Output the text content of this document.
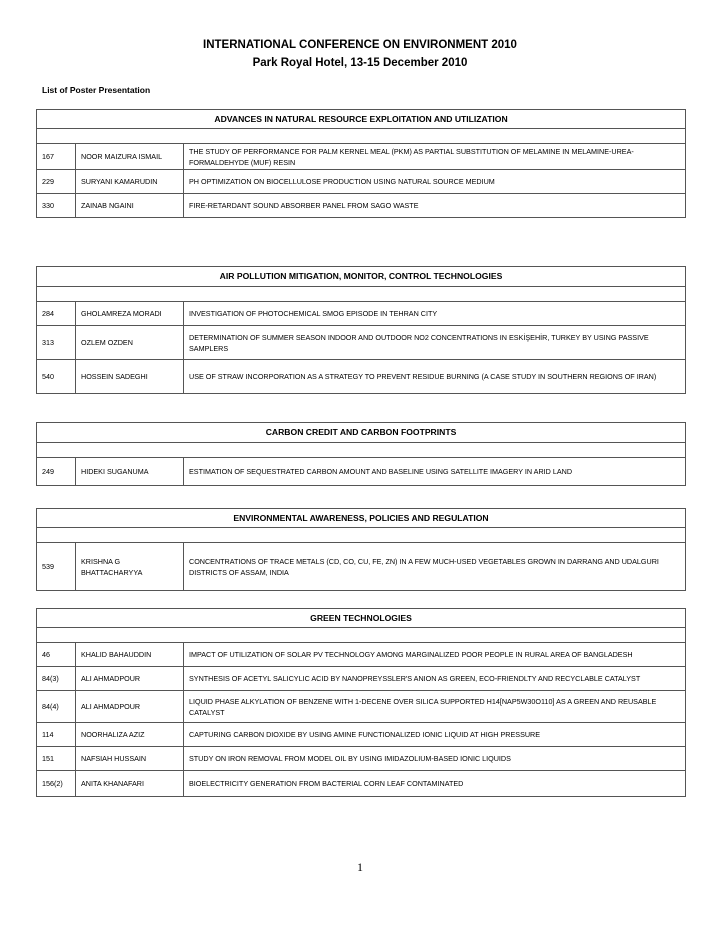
INTERNATIONAL CONFERENCE ON ENVIRONMENT 2010
Park Royal Hotel, 13-15 December 2010
List of Poster Presentation
ADVANCES IN NATURAL RESOURCE EXPLOITATION AND UTILIZATION		

167	NOOR MAIZURA ISMAIL	THE STUDY OF PERFORMANCE FOR PALM KERNEL MEAL (PKM) AS PARTIAL SUBSTITUTION OF MELAMINE IN MELAMINE-UREA-FORMALDEHYDE (MUF) RESIN
229	SURYANI KAMARUDIN	PH OPTIMIZATION ON BIOCELLULOSE PRODUCTION USING NATURAL SOURCE MEDIUM
330	ZAINAB NGAINI	FIRE-RETARDANT SOUND ABSORBER PANEL FROM SAGO WASTE
AIR POLLUTION MITIGATION, MONITOR, CONTROL TECHNOLOGIES		

284	GHOLAMREZA MORADI	INVESTIGATION OF PHOTOCHEMICAL SMOG EPISODE IN TEHRAN CITY
313	OZLEM OZDEN	DETERMINATION OF SUMMER SEASON INDOOR AND OUTDOOR NO2 CONCENTRATIONS IN ESKİŞEHİR, TURKEY BY USING PASSIVE SAMPLERS
540	HOSSEIN SADEGHI	USE OF STRAW INCORPORATION AS A STRATEGY TO PREVENT RESIDUE BURNING (A CASE STUDY IN SOUTHERN REGIONS OF IRAN)
CARBON CREDIT AND CARBON FOOTPRINTS

249	HIDEKI SUGANUMA	ESTIMATION OF SEQUESTRATED CARBON AMOUNT AND BASELINE USING SATELLITE IMAGERY IN ARID LAND
ENVIRONMENTAL AWARENESS, POLICIES AND REGULATION

539	KRISHNA G BHATTACHARYYA	CONCENTRATIONS OF TRACE METALS (CD, CO, CU, FE, ZN) IN A FEW MUCH-USED VEGETABLES GROWN IN DARRANG AND UDALGURI DISTRICTS OF ASSAM, INDIA
GREEN TECHNOLOGIES		

46	KHALID BAHAUDDIN	IMPACT OF UTILIZATION OF SOLAR PV TECHNOLOGY AMONG MARGINALIZED POOR PEOPLE IN RURAL AREA OF BANGLADESH
84(3)	ALI AHMADPOUR	SYNTHESIS OF ACETYL SALICYLIC ACID BY NANOPREYSSLER'S ANION AS GREEN, ECO-FRIENDLTY AND RECYCLABLE CATALYST
84(4)	ALI AHMADPOUR	LIQUID PHASE ALKYLATION OF BENZENE WITH 1-DECENE OVER SILICA SUPPORTED H14[NAP5W30O110] AS A GREEN AND REUSABLE CATALYST
114	NOORHALIZA AZIZ	CAPTURING CARBON DIOXIDE BY USING AMINE FUNCTIONALIZED IONIC LIQUID AT HIGH PRESSURE
151	NAFSIAH HUSSAIN	STUDY ON IRON REMOVAL FROM MODEL OIL BY USING IMIDAZOLIUM-BASED IONIC LIQUIDS
156(2)	ANITA KHANAFARI	BIOELECTRICITY GENERATION FROM BACTERIAL CORN LEAF CONTAMINATED
1
